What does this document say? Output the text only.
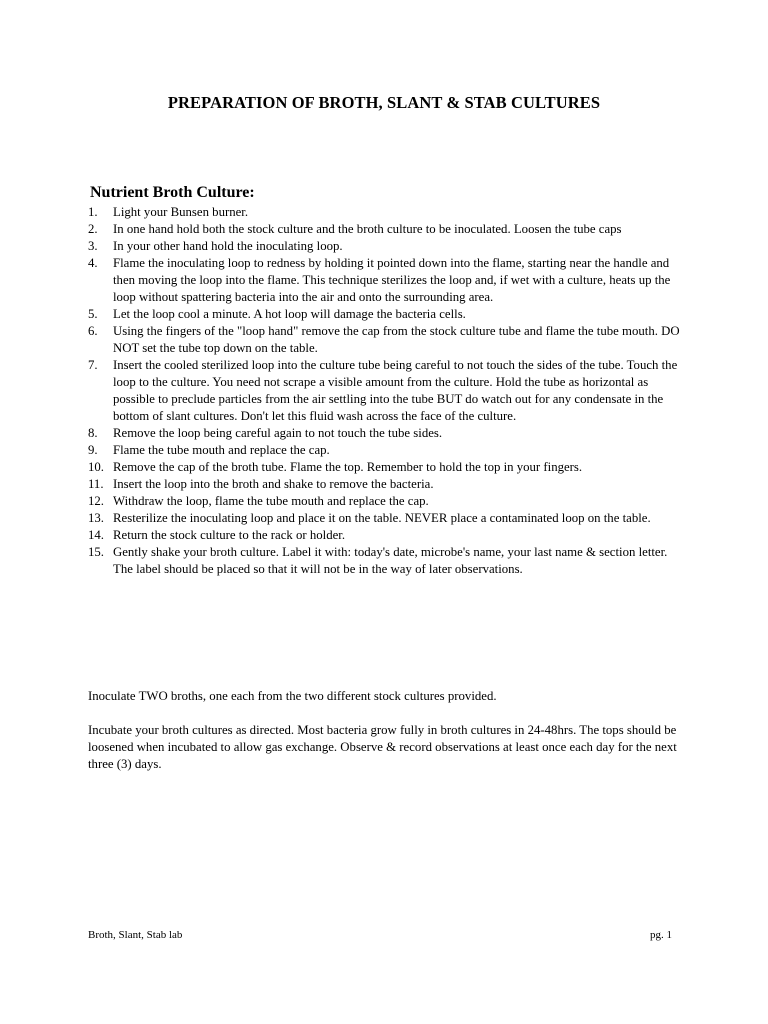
PREPARATION OF BROTH, SLANT & STAB CULTURES
Nutrient Broth Culture:
1. Light your Bunsen burner.
2. In one hand hold both the stock culture and the broth culture to be inoculated. Loosen the tube caps
3. In your other hand hold the inoculating loop.
4. Flame the inoculating loop to redness by holding it pointed down into the flame, starting near the handle and then moving the loop into the flame. This technique sterilizes the loop and, if wet with a culture, heats up the loop without spattering bacteria into the air and onto the surrounding area.
5. Let the loop cool a minute. A hot loop will damage the bacteria cells.
6. Using the fingers of the "loop hand" remove the cap from the stock culture tube and flame the tube mouth. DO NOT set the tube top down on the table.
7. Insert the cooled sterilized loop into the culture tube being careful to not touch the sides of the tube. Touch the loop to the culture. You need not scrape a visible amount from the culture. Hold the tube as horizontal as possible to preclude particles from the air settling into the tube BUT do watch out for any condensate in the bottom of slant cultures. Don't let this fluid wash across the face of the culture.
8. Remove the loop being careful again to not touch the tube sides.
9. Flame the tube mouth and replace the cap.
10. Remove the cap of the broth tube. Flame the top. Remember to hold the top in your fingers.
11. Insert the loop into the broth and shake to remove the bacteria.
12. Withdraw the loop, flame the tube mouth and replace the cap.
13. Resterilize the inoculating loop and place it on the table. NEVER place a contaminated loop on the table.
14. Return the stock culture to the rack or holder.
15. Gently shake your broth culture. Label it with: today's date, microbe's name, your last name & section letter. The label should be placed so that it will not be in the way of later observations.

Inoculate TWO broths, one each from the two different stock cultures provided.

Incubate your broth cultures as directed. Most bacteria grow fully in broth cultures in 24-48hrs. The tops should be loosened when incubated to allow gas exchange. Observe & record observations at least once each day for the next three (3) days.

Broth, Slant, Stab lab	pg. 1
